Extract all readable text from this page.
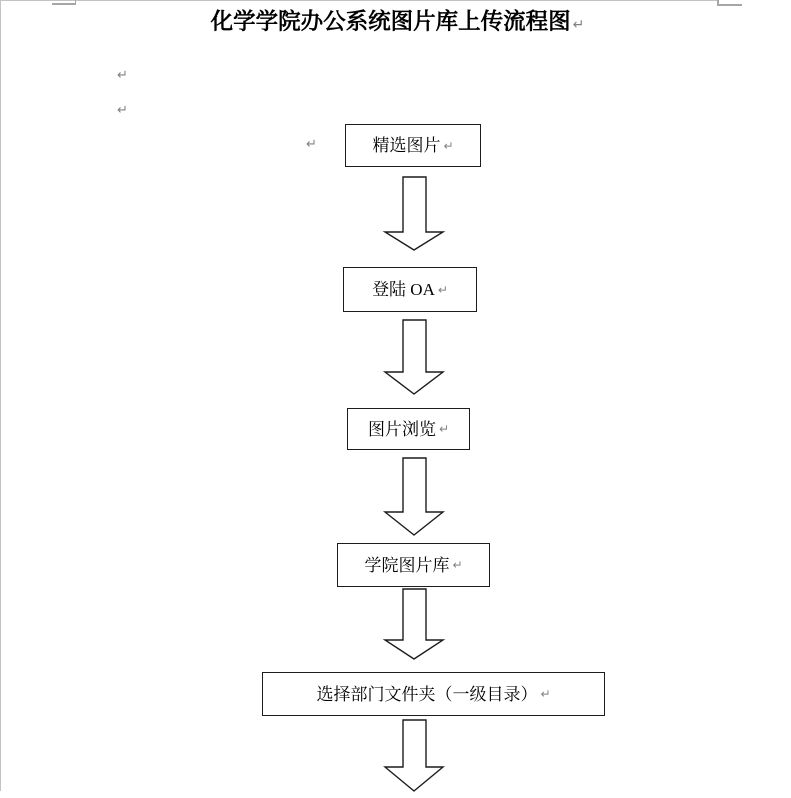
化学学院办公系统图片库上传流程图 ↵
↵
↵
↵	精选图片 ↵
登陆 OA ↵
图片浏览 ↵
学院图片库 ↵
选择部门文件夹（一级目录） ↵
